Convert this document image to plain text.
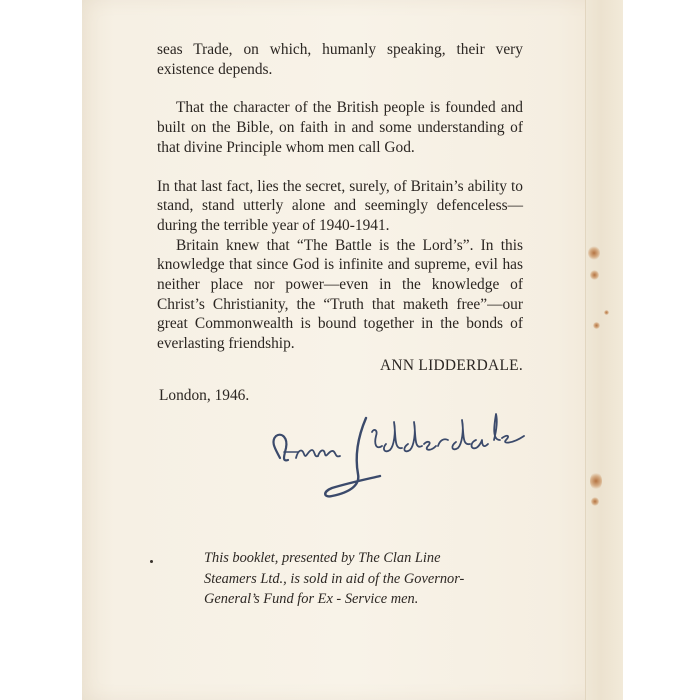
seas Trade, on which, humanly speaking, their very existence depends.

That the character of the British people is founded and built on the Bible, on faith in and some understanding of that divine Principle whom men call God.

In that last fact, lies the secret, surely, of Britain’s ability to stand, stand utterly alone and seemingly defenceless—during the terrible year of 1940-1941.

Britain knew that “The Battle is the Lord’s”. In this knowledge that since God is infinite and supreme, evil has neither place nor power—even in the knowledge of Christ’s Christianity, the “Truth that maketh free”—our great Commonwealth is bound together in the bonds of everlasting friendship.

ANN LIDDERDALE.

London, 1946.

This booklet, presented by The Clan Line
Steamers Ltd., is sold in aid of the Governor-
General’s Fund for Ex - Service men.
